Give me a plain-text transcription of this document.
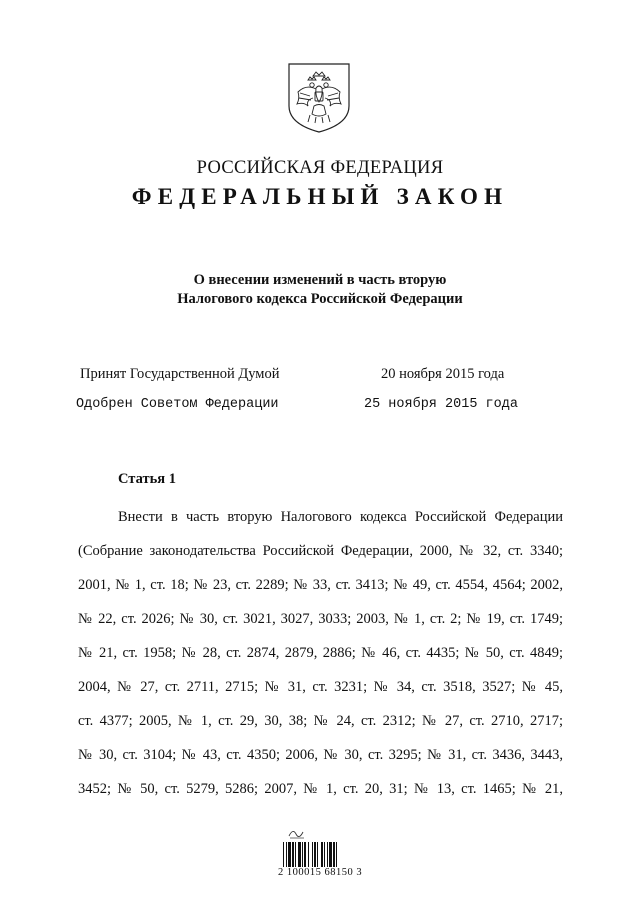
РОССИЙСКАЯ ФЕДЕРАЦИЯ
ФЕДЕРАЛЬНЫЙ ЗАКОН
О внесении изменений в часть вторую
Налогового кодекса Российской Федерации
Принят Государственной Думой	20 ноября 2015 года
Одобрен Советом Федерации	25 ноября 2015 года
Статья 1
Внести в часть вторую Налогового кодекса Российской Федерации
(Собрание законодательства Российской Федерации, 2000, № 32, ст. 3340;
2001, № 1, ст. 18; № 23, ст. 2289; № 33, ст. 3413; № 49, ст. 4554, 4564; 2002,
№ 22, ст. 2026; № 30, ст. 3021, 3027, 3033; 2003, № 1, ст. 2; № 19, ст. 1749;
№ 21, ст. 1958; № 28, ст. 2874, 2879, 2886; № 46, ст. 4435; № 50, ст. 4849;
2004, № 27, ст. 2711, 2715; № 31, ст. 3231; № 34, ст. 3518, 3527; № 45,
ст. 4377; 2005, № 1, ст. 29, 30, 38; № 24, ст. 2312; № 27, ст. 2710, 2717;
№ 30, ст. 3104; № 43, ст. 4350; 2006, № 30, ст. 3295; № 31, ст. 3436, 3443,
3452; № 50, ст. 5279, 5286; 2007, № 1, ст. 20, 31; № 13, ст. 1465; № 21,
2 100015 68150 3
